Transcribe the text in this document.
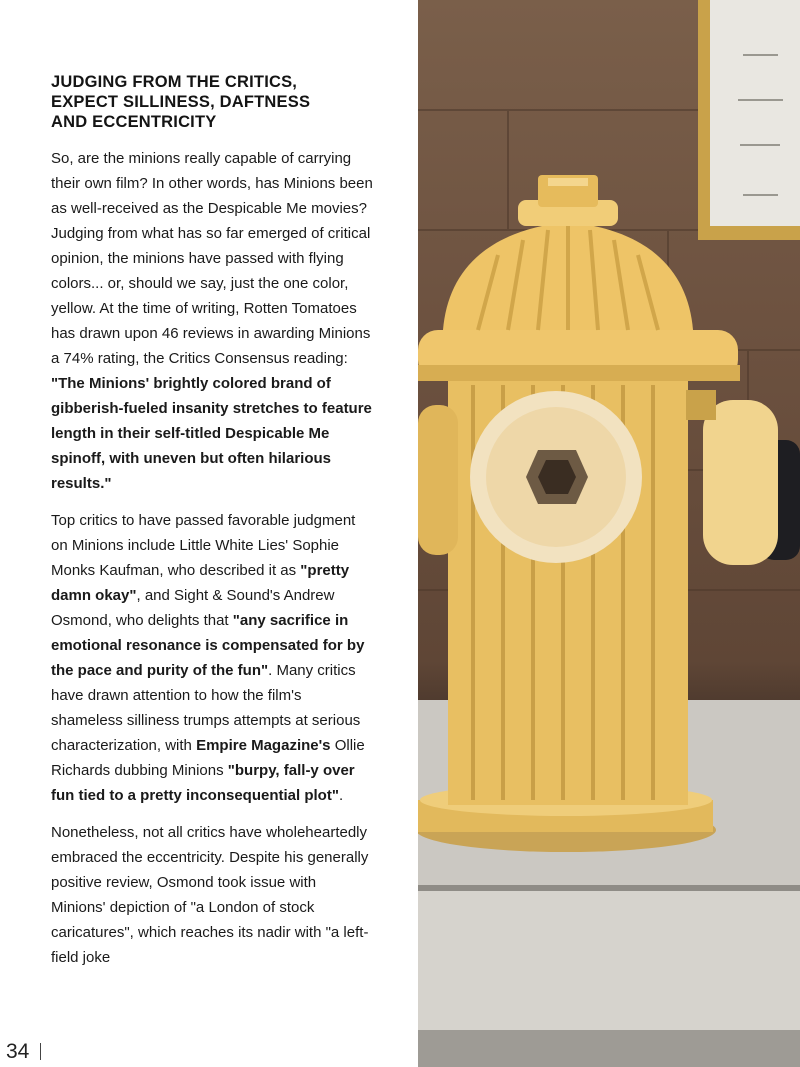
JUDGING FROM THE CRITICS,
EXPECT SILLINESS, DAFTNESS
AND ECCENTRICITY

So, are the minions really capable of carrying their own film? In other words, has Minions been as well-received as the Despicable Me movies? Judging from what has so far emerged of critical opinion, the minions have passed with flying colors... or, should we say, just the one color, yellow. At the time of writing, Rotten Tomatoes has drawn upon 46 reviews in awarding Minions a 74% rating, the Critics Consensus reading: "The Minions' brightly colored brand of gibberish-fueled insanity stretches to feature length in their self-titled Despicable Me spinoff, with uneven but often hilarious results."

Top critics to have passed favorable judgment on Minions include Little White Lies' Sophie Monks Kaufman, who described it as "pretty damn okay", and Sight & Sound's Andrew Osmond, who delights that "any sacrifice in emotional resonance is compensated for by the pace and purity of the fun". Many critics have drawn attention to how the film's shameless silliness trumps attempts at serious characterization, with Empire Magazine's Ollie Richards dubbing Minions "burpy, fall-y over fun tied to a pretty inconsequential plot".

Nonetheless, not all critics have wholeheartedly embraced the eccentricity. Despite his generally positive review, Osmond took issue with Minions' depiction of "a London of stock caricatures", which reaches its nadir with "a left-field joke

34
